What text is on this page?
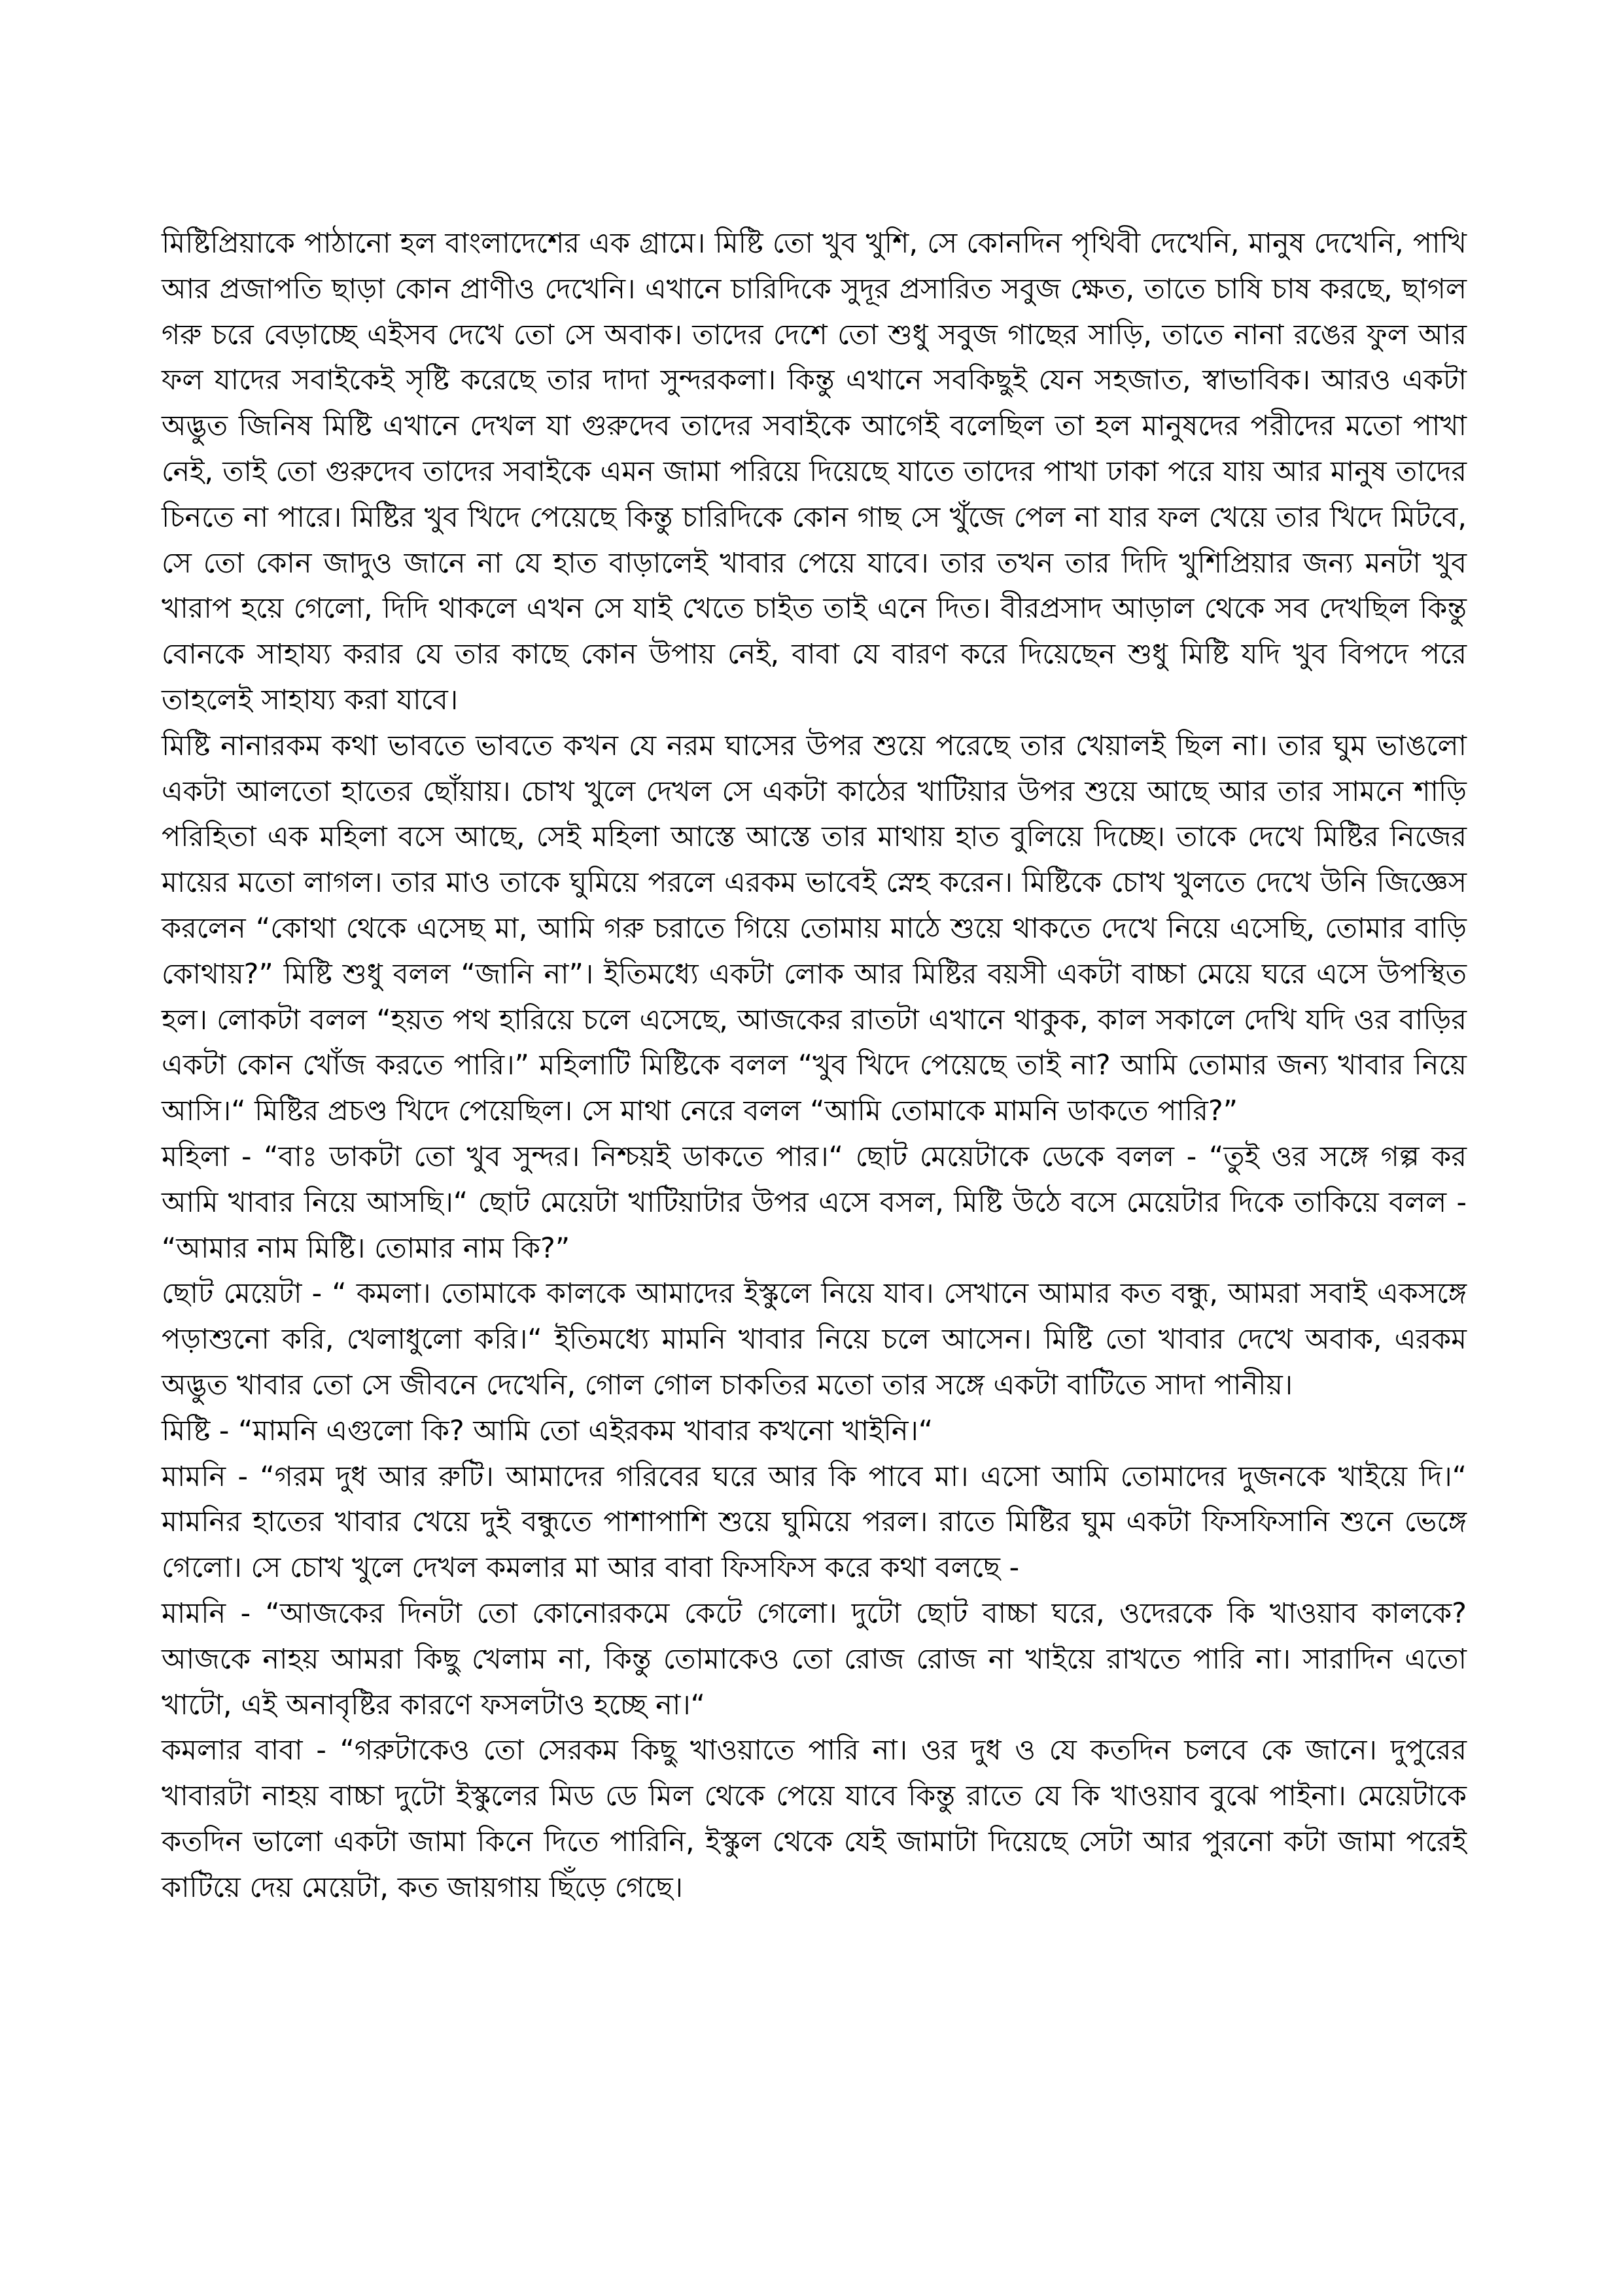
মিষ্টিপ্রিয়াকে পাঠানো হল বাংলাদেশের এক গ্রামে। মিষ্টি তো খুব খুশি, সে কোনদিন পৃথিবী দেখেনি, মানুষ দেখেনি, পাখি আর প্রজাপতি ছাড়া কোন প্রাণীও দেখেনি। এখানে চারিদিকে সুদূর প্রসারিত সবুজ ক্ষেত, তাতে চাষি চাষ করছে, ছাগল গরু চরে বেড়াচ্ছে এইসব দেখে তো সে অবাক। তাদের দেশে তো শুধু সবুজ গাছের সাড়ি, তাতে নানা রঙের ফুল আর ফল যাদের সবাইকেই সৃষ্টি করেছে তার দাদা সুন্দরকলা। কিন্তু এখানে সবকিছুই যেন সহজাত, স্বাভাবিক। আরও একটা অদ্ভুত জিনিষ মিষ্টি এখানে দেখল যা গুরুদেব তাদের সবাইকে আগেই বলেছিল তা হল মানুষদের পরীদের মতো পাখা নেই, তাই তো গুরুদেব তাদের সবাইকে এমন জামা পরিয়ে দিয়েছে যাতে তাদের পাখা ঢাকা পরে যায় আর মানুষ তাদের চিনতে না পারে। মিষ্টির খুব খিদে পেয়েছে কিন্তু চারিদিকে কোন গাছ সে খুঁজে পেল না যার ফল খেয়ে তার খিদে মিটবে, সে তো কোন জাদুও জানে না যে হাত বাড়ালেই খাবার পেয়ে যাবে। তার তখন তার দিদি খুশিপ্রিয়ার জন্য মনটা খুব খারাপ হয়ে গেলো, দিদি থাকলে এখন সে যাই খেতে চাইত তাই এনে দিত। বীরপ্রসাদ আড়াল থেকে সব দেখছিল কিন্তু বোনকে সাহায্য করার যে তার কাছে কোন উপায় নেই, বাবা যে বারণ করে দিয়েছেন শুধু মিষ্টি যদি খুব বিপদে পরে তাহলেই সাহায্য করা যাবে।

মিষ্টি নানারকম কথা ভাবতে ভাবতে কখন যে নরম ঘাসের উপর শুয়ে পরেছে তার খেয়ালই ছিল না। তার ঘুম ভাঙলো একটা আলতো হাতের ছোঁয়ায়। চোখ খুলে দেখল সে একটা কাঠের খাটিয়ার উপর শুয়ে আছে আর তার সামনে শাড়ি পরিহিতা এক মহিলা বসে আছে, সেই মহিলা আস্তে আস্তে তার মাথায় হাত বুলিয়ে দিচ্ছে। তাকে দেখে মিষ্টির নিজের মায়ের মতো লাগল। তার মাও তাকে ঘুমিয়ে পরলে এরকম ভাবেই স্নেহ করেন। মিষ্টিকে চোখ খুলতে দেখে উনি জিজ্ঞেস করলেন “কোথা থেকে এসেছ মা, আমি গরু চরাতে গিয়ে তোমায় মাঠে শুয়ে থাকতে দেখে নিয়ে এসেছি, তোমার বাড়ি কোথায়?” মিষ্টি শুধু বলল “জানি না”। ইতিমধ্যে একটা লোক আর মিষ্টির বয়সী একটা বাচ্চা মেয়ে ঘরে এসে উপস্থিত হল। লোকটা বলল “হয়ত পথ হারিয়ে চলে এসেছে, আজকের রাতটা এখানে থাকুক, কাল সকালে দেখি যদি ওর বাড়ির একটা কোন খোঁজ করতে পারি।” মহিলাটি মিষ্টিকে বলল “খুব খিদে পেয়েছে তাই না? আমি তোমার জন্য খাবার নিয়ে আসি।“ মিষ্টির প্রচণ্ড খিদে পেয়েছিল। সে মাথা নেরে বলল “আমি তোমাকে মামনি ডাকতে পারি?”

মহিলা - “বাঃ ডাকটা তো খুব সুন্দর। নিশ্চয়ই ডাকতে পার।“ ছোট মেয়েটাকে ডেকে বলল - “তুই ওর সঙ্গে গল্প কর আমি খাবার নিয়ে আসছি।“ ছোট মেয়েটা খাটিয়াটার উপর এসে বসল, মিষ্টি উঠে বসে মেয়েটার দিকে তাকিয়ে বলল - “আমার নাম মিষ্টি। তোমার নাম কি?”

ছোট মেয়েটা - “ কমলা। তোমাকে কালকে আমাদের ইস্কুলে নিয়ে যাব। সেখানে আমার কত বন্ধু, আমরা সবাই একসঙ্গে পড়াশুনো করি, খেলাধুলো করি।“ ইতিমধ্যে মামনি খাবার নিয়ে চলে আসেন। মিষ্টি তো খাবার দেখে অবাক, এরকম অদ্ভুত খাবার তো সে জীবনে দেখেনি, গোল গোল চাকতির মতো তার সঙ্গে একটা বাটিতে সাদা পানীয়।

মিষ্টি - “মামনি এগুলো কি? আমি তো এইরকম খাবার কখনো খাইনি।“

মামনি - “গরম দুধ আর রুটি। আমাদের গরিবের ঘরে আর কি পাবে মা। এসো আমি তোমাদের দুজনকে খাইয়ে দি।“ মামনির হাতের খাবার খেয়ে দুই বন্ধুতে পাশাপাশি শুয়ে ঘুমিয়ে পরল। রাতে মিষ্টির ঘুম একটা ফিসফিসানি শুনে ভেঙ্গে গেলো। সে চোখ খুলে দেখল কমলার মা আর বাবা ফিসফিস করে কথা বলছে -

মামনি - “আজকের দিনটা তো কোনোরকমে কেটে গেলো। দুটো ছোট বাচ্চা ঘরে, ওদেরকে কি খাওয়াব কালকে? আজকে নাহয় আমরা কিছু খেলাম না, কিন্তু তোমাকেও তো রোজ রোজ না খাইয়ে রাখতে পারি না। সারাদিন এতো খাটো, এই অনাবৃষ্টির কারণে ফসলটাও হচ্ছে না।“

কমলার বাবা - “গরুটাকেও তো সেরকম কিছু খাওয়াতে পারি না। ওর দুধ ও যে কতদিন চলবে কে জানে। দুপুরের খাবারটা নাহয় বাচ্চা দুটো ইস্কুলের মিড ডে মিল থেকে পেয়ে যাবে কিন্তু রাতে যে কি খাওয়াব বুঝে পাইনা। মেয়েটাকে কতদিন ভালো একটা জামা কিনে দিতে পারিনি, ইস্কুল থেকে যেই জামাটা দিয়েছে সেটা আর পুরনো কটা জামা পরেই কাটিয়ে দেয় মেয়েটা, কত জায়গায় ছিঁড়ে গেছে।
